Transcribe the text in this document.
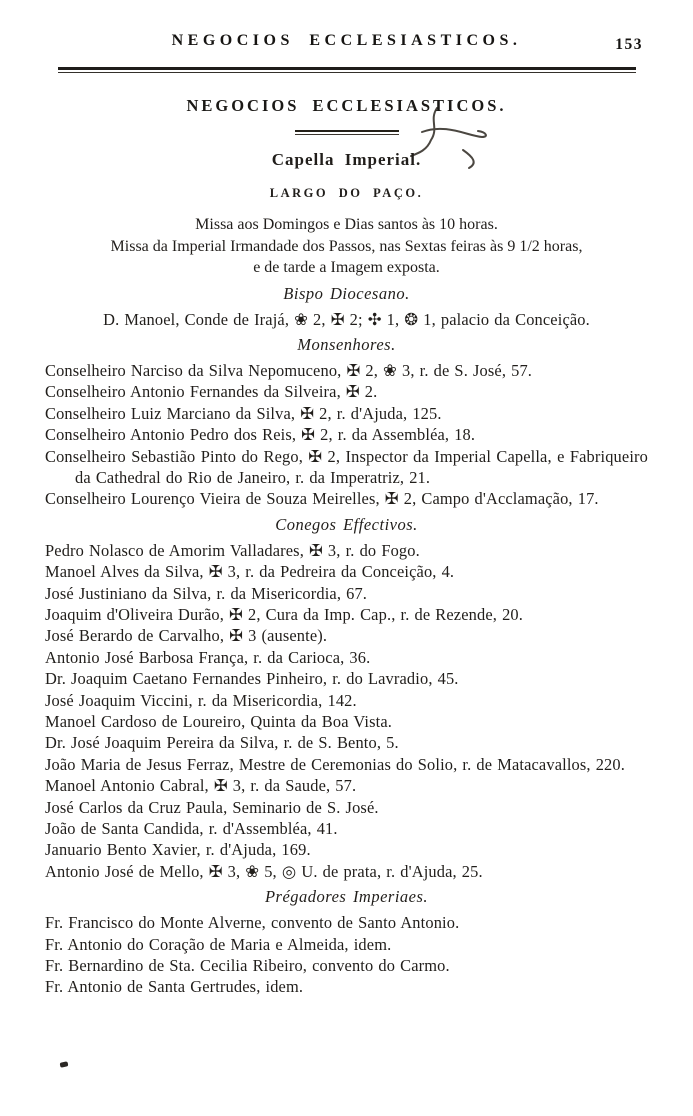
153
NEGOCIOS ECCLESIASTICOS.
NEGOCIOS ECCLESIASTICOS.
Capella Imperial.
LARGO DO PAÇO.
Missa aos Domingos e Dias santos às 10 horas.
Missa da Imperial Irmandade dos Passos, nas Sextas feiras às 9 1/2 horas,
e de tarde a Imagem exposta.
Bispo Diocesano.
D. Manoel, Conde de Irajá, ❀ 2, ✠ 2; ✣ 1, ❂ 1, palacio da Conceição.
Monsenhores.
Conselheiro Narciso da Silva Nepomuceno, ✠ 2, ❀ 3, r. de S. José, 57.
Conselheiro Antonio Fernandes da Silveira, ✠ 2.
Conselheiro Luiz Marciano da Silva, ✠ 2, r. d'Ajuda, 125.
Conselheiro Antonio Pedro dos Reis, ✠ 2, r. da Assembléa, 18.
Conselheiro Sebastião Pinto do Rego, ✠ 2, Inspector da Imperial Capella, e Fabriqueiro da Cathedral do Rio de Janeiro, r. da Imperatriz, 21.
Conselheiro Lourenço Vieira de Souza Meirelles, ✠ 2, Campo d'Acclamação, 17.
Conegos Effectivos.
Pedro Nolasco de Amorim Valladares, ✠ 3, r. do Fogo.
Manoel Alves da Silva, ✠ 3, r. da Pedreira da Conceição, 4.
José Justiniano da Silva, r. da Misericordia, 67.
Joaquim d'Oliveira Durão, ✠ 2, Cura da Imp. Cap., r. de Rezende, 20.
José Berardo de Carvalho, ✠ 3 (ausente).
Antonio José Barbosa França, r. da Carioca, 36.
Dr. Joaquim Caetano Fernandes Pinheiro, r. do Lavradio, 45.
José Joaquim Viccini, r. da Misericordia, 142.
Manoel Cardoso de Loureiro, Quinta da Boa Vista.
Dr. José Joaquim Pereira da Silva, r. de S. Bento, 5.
João Maria de Jesus Ferraz, Mestre de Ceremonias do Solio, r. de Matacavallos, 220.
Manoel Antonio Cabral, ✠ 3, r. da Saude, 57.
José Carlos da Cruz Paula, Seminario de S. José.
João de Santa Candida, r. d'Assembléa, 41.
Januario Bento Xavier, r. d'Ajuda, 169.
Antonio José de Mello, ✠ 3, ❀ 5, ◎ U. de prata, r. d'Ajuda, 25.
Prégadores Imperiaes.
Fr. Francisco do Monte Alverne, convento de Santo Antonio.
Fr. Antonio do Coração de Maria e Almeida, idem.
Fr. Bernardino de Sta. Cecilia Ribeiro, convento do Carmo.
Fr. Antonio de Santa Gertrudes, idem.
